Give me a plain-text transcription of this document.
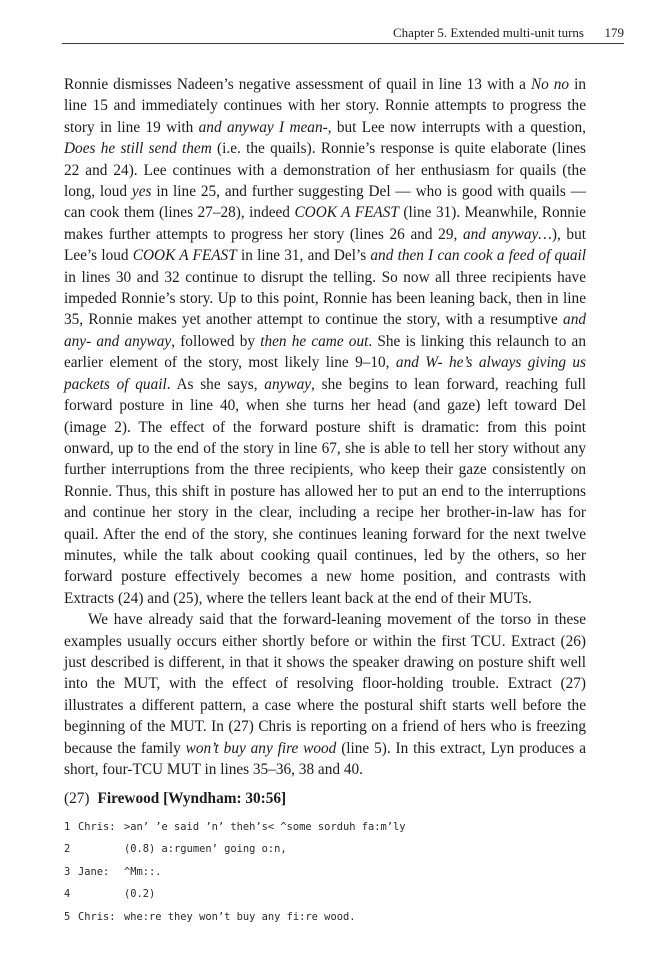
Chapter 5. Extended multi-unit turns 179

Ronnie dismisses Nadeen’s negative assessment of quail in line 13 with a No no in line 15 and immediately continues with her story. Ronnie attempts to progress the story in line 19 with and anyway I mean-, but Lee now interrupts with a question, Does he still send them (i.e. the quails). Ronnie’s response is quite elaborate (lines 22 and 24). Lee continues with a demonstration of her enthusiasm for quails (the long, loud yes in line 25, and further suggesting Del — who is good with quails — can cook them (lines 27–28), indeed COOK A FEAST (line 31). Meanwhile, Ronnie makes further attempts to progress her story (lines 26 and 29, and anyway…), but Lee’s loud COOK A FEAST in line 31, and Del’s and then I can cook a feed of quail in lines 30 and 32 continue to disrupt the telling. So now all three recipients have impeded Ronnie’s story. Up to this point, Ronnie has been leaning back, then in line 35, Ronnie makes yet another attempt to continue the story, with a resumptive and any- and anyway, followed by then he came out. She is linking this relaunch to an earlier element of the story, most likely line 9–10, and W- he’s always giving us packets of quail. As she says, anyway, she begins to lean forward, reaching full forward posture in line 40, when she turns her head (and gaze) left toward Del (image 2). The effect of the forward posture shift is dramatic: from this point onward, up to the end of the story in line 67, she is able to tell her story without any further interruptions from the three recipients, who keep their gaze consistently on Ronnie. Thus, this shift in posture has allowed her to put an end to the interruptions and continue her story in the clear, including a recipe her brother-in-law has for quail. After the end of the story, she continues leaning forward for the next twelve minutes, while the talk about cooking quail continues, led by the others, so her forward posture effectively becomes a new home position, and contrasts with Extracts (24) and (25), where the tellers leant back at the end of their MUTs.

We have already said that the forward-leaning movement of the torso in these examples usually occurs either shortly before or within the first TCU. Extract (26) just described is different, in that it shows the speaker drawing on posture shift well into the MUT, with the effect of resolving floor-holding trouble. Extract (27) illustrates a different pattern, a case where the postural shift starts well before the beginning of the MUT. In (27) Chris is reporting on a friend of hers who is freezing because the family won’t buy any fire wood (line 5). In this extract, Lyn produces a short, four-TCU MUT in lines 35–36, 38 and 40.

(27) Firewood [Wyndham: 30:56]
1 Chris: >an’ ’e said ’n’ theh’s< ^some sorduh fa:m’ly
2	(0.8) a:rgumen’ going o:n,
3 Jane:	^Mm::.
4	(0.2)
5 Chris: whe:re they won’t buy any fi:re wood.
